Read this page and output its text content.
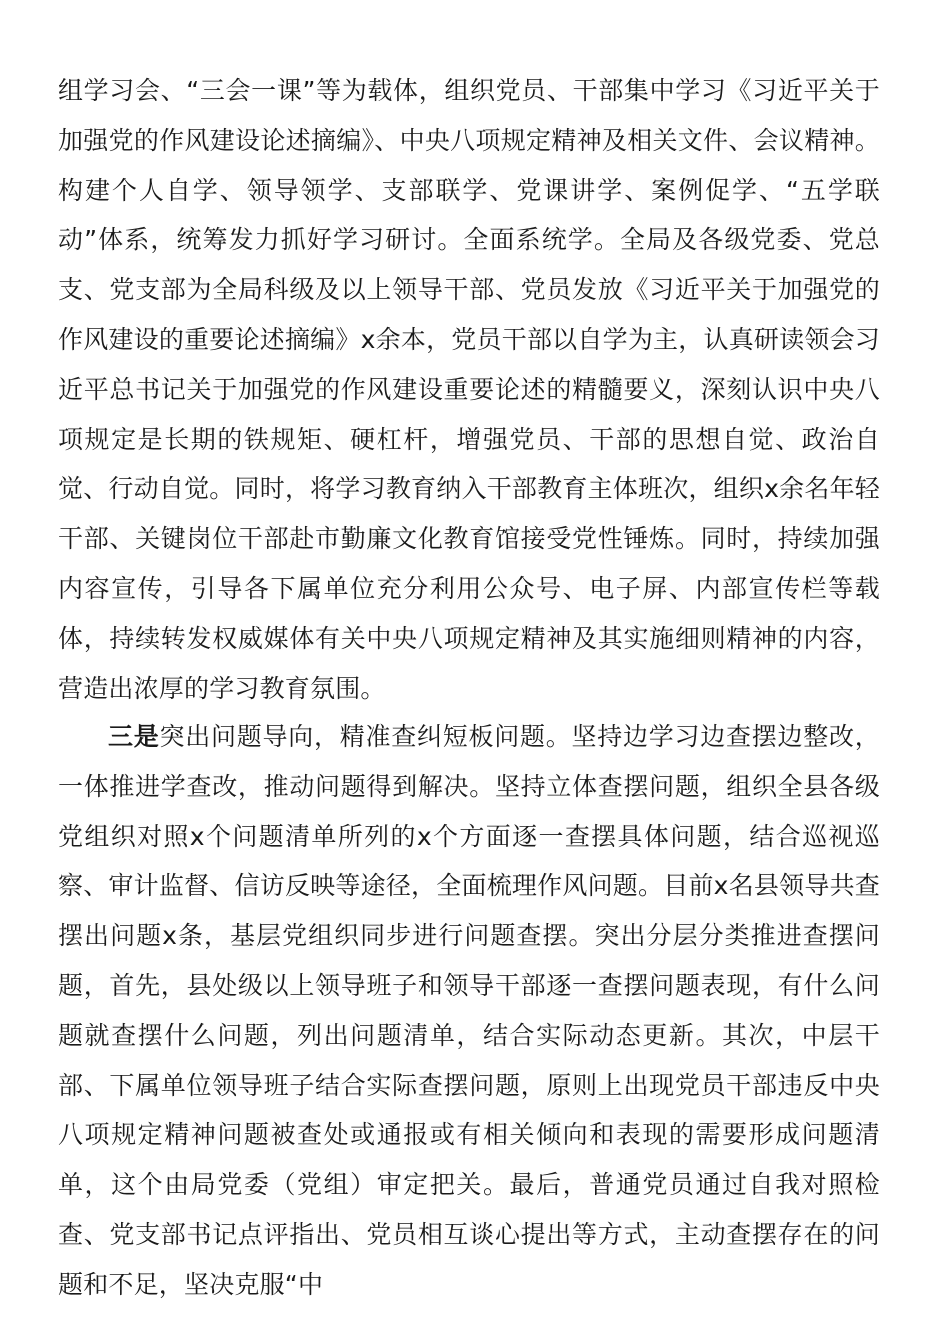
组学习会、“三会一课”等为载体，组织党员、干部集中学习《习近平关于加强党的作风建设论述摘编》、中央八项规定精神及相关文件、会议精神。构建个人自学、领导领学、支部联学、党课讲学、案例促学、“五学联动”体系，统筹发力抓好学习研讨。全面系统学。全局及各级党委、党总支、党支部为全局科级及以上领导干部、党员发放《习近平关于加强党的作风建设的重要论述摘编》x余本，党员干部以自学为主，认真研读领会习近平总书记关于加强党的作风建设重要论述的精髓要义，深刻认识中央八项规定是长期的铁规矩、硬杠杆，增强党员、干部的思想自觉、政治自觉、行动自觉。同时，将学习教育纳入干部教育主体班次，组织x余名年轻干部、关键岗位干部赴市勤廉文化教育馆接受党性锤炼。同时，持续加强内容宣传，引导各下属单位充分利用公众号、电子屏、内部宣传栏等载体，持续转发权威媒体有关中央八项规定精神及其实施细则精神的内容，营造出浓厚的学习教育氛围。

三是突出问题导向，精准查纠短板问题。坚持边学习边查摆边整改，一体推进学查改，推动问题得到解决。坚持立体查摆问题，组织全县各级党组织对照x个问题清单所列的x个方面逐一查摆具体问题，结合巡视巡察、审计监督、信访反映等途径，全面梳理作风问题。目前x名县领导共查摆出问题x条，基层党组织同步进行问题查摆。突出分层分类推进查摆问题，首先，县处级以上领导班子和领导干部逐一查摆问题表现，有什么问题就查摆什么问题，列出问题清单，结合实际动态更新。其次，中层干部、下属单位领导班子结合实际查摆问题，原则上出现党员干部违反中央八项规定精神问题被查处或通报或有相关倾向和表现的需要形成问题清单，这个由局党委（党组）审定把关。最后，普通党员通过自我对照检查、党支部书记点评指出、党员相互谈心提出等方式，主动查摆存在的问题和不足，坚决克服“中
